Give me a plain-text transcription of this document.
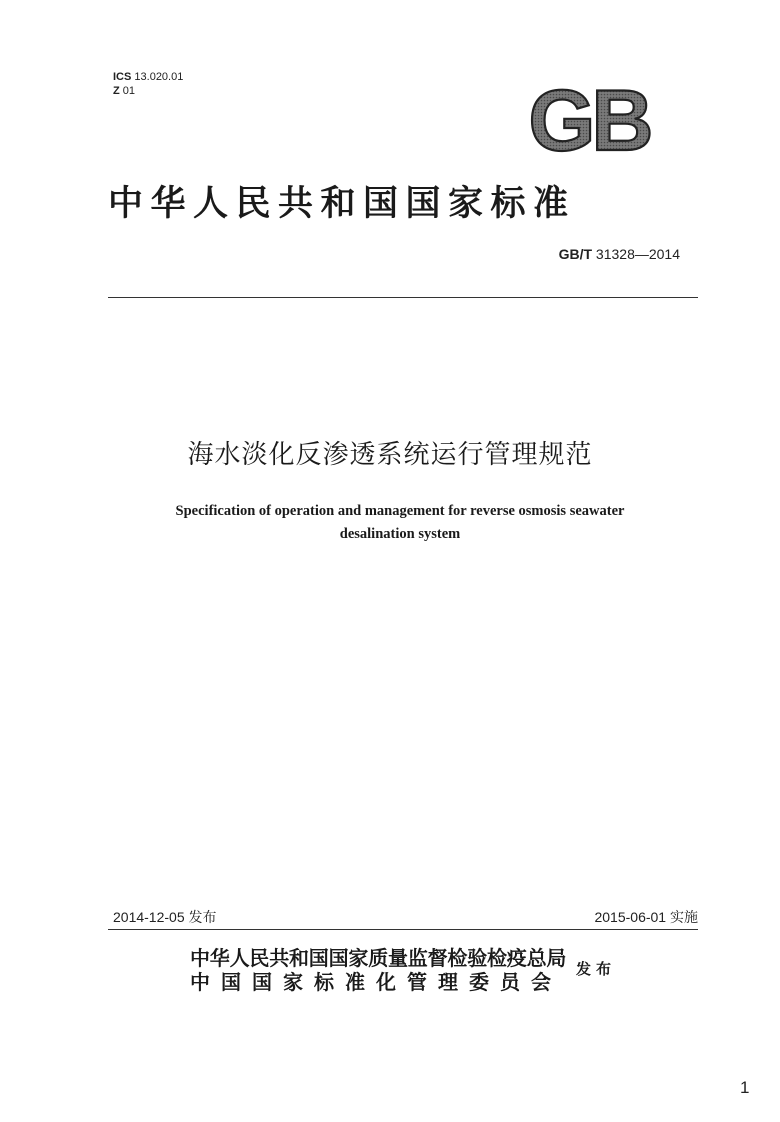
ICS 13.020.01
Z 01	GB
中华人民共和国国家标准
GB/T 31328—2014
海水淡化反渗透系统运行管理规范
Specification of operation and management for reverse osmosis seawater
desalination system
2014-12-05 发布	2015-06-01 实施
中华人民共和国国家质量监督检验检疫总局
中国国家标准化管理委员会
发布
1
